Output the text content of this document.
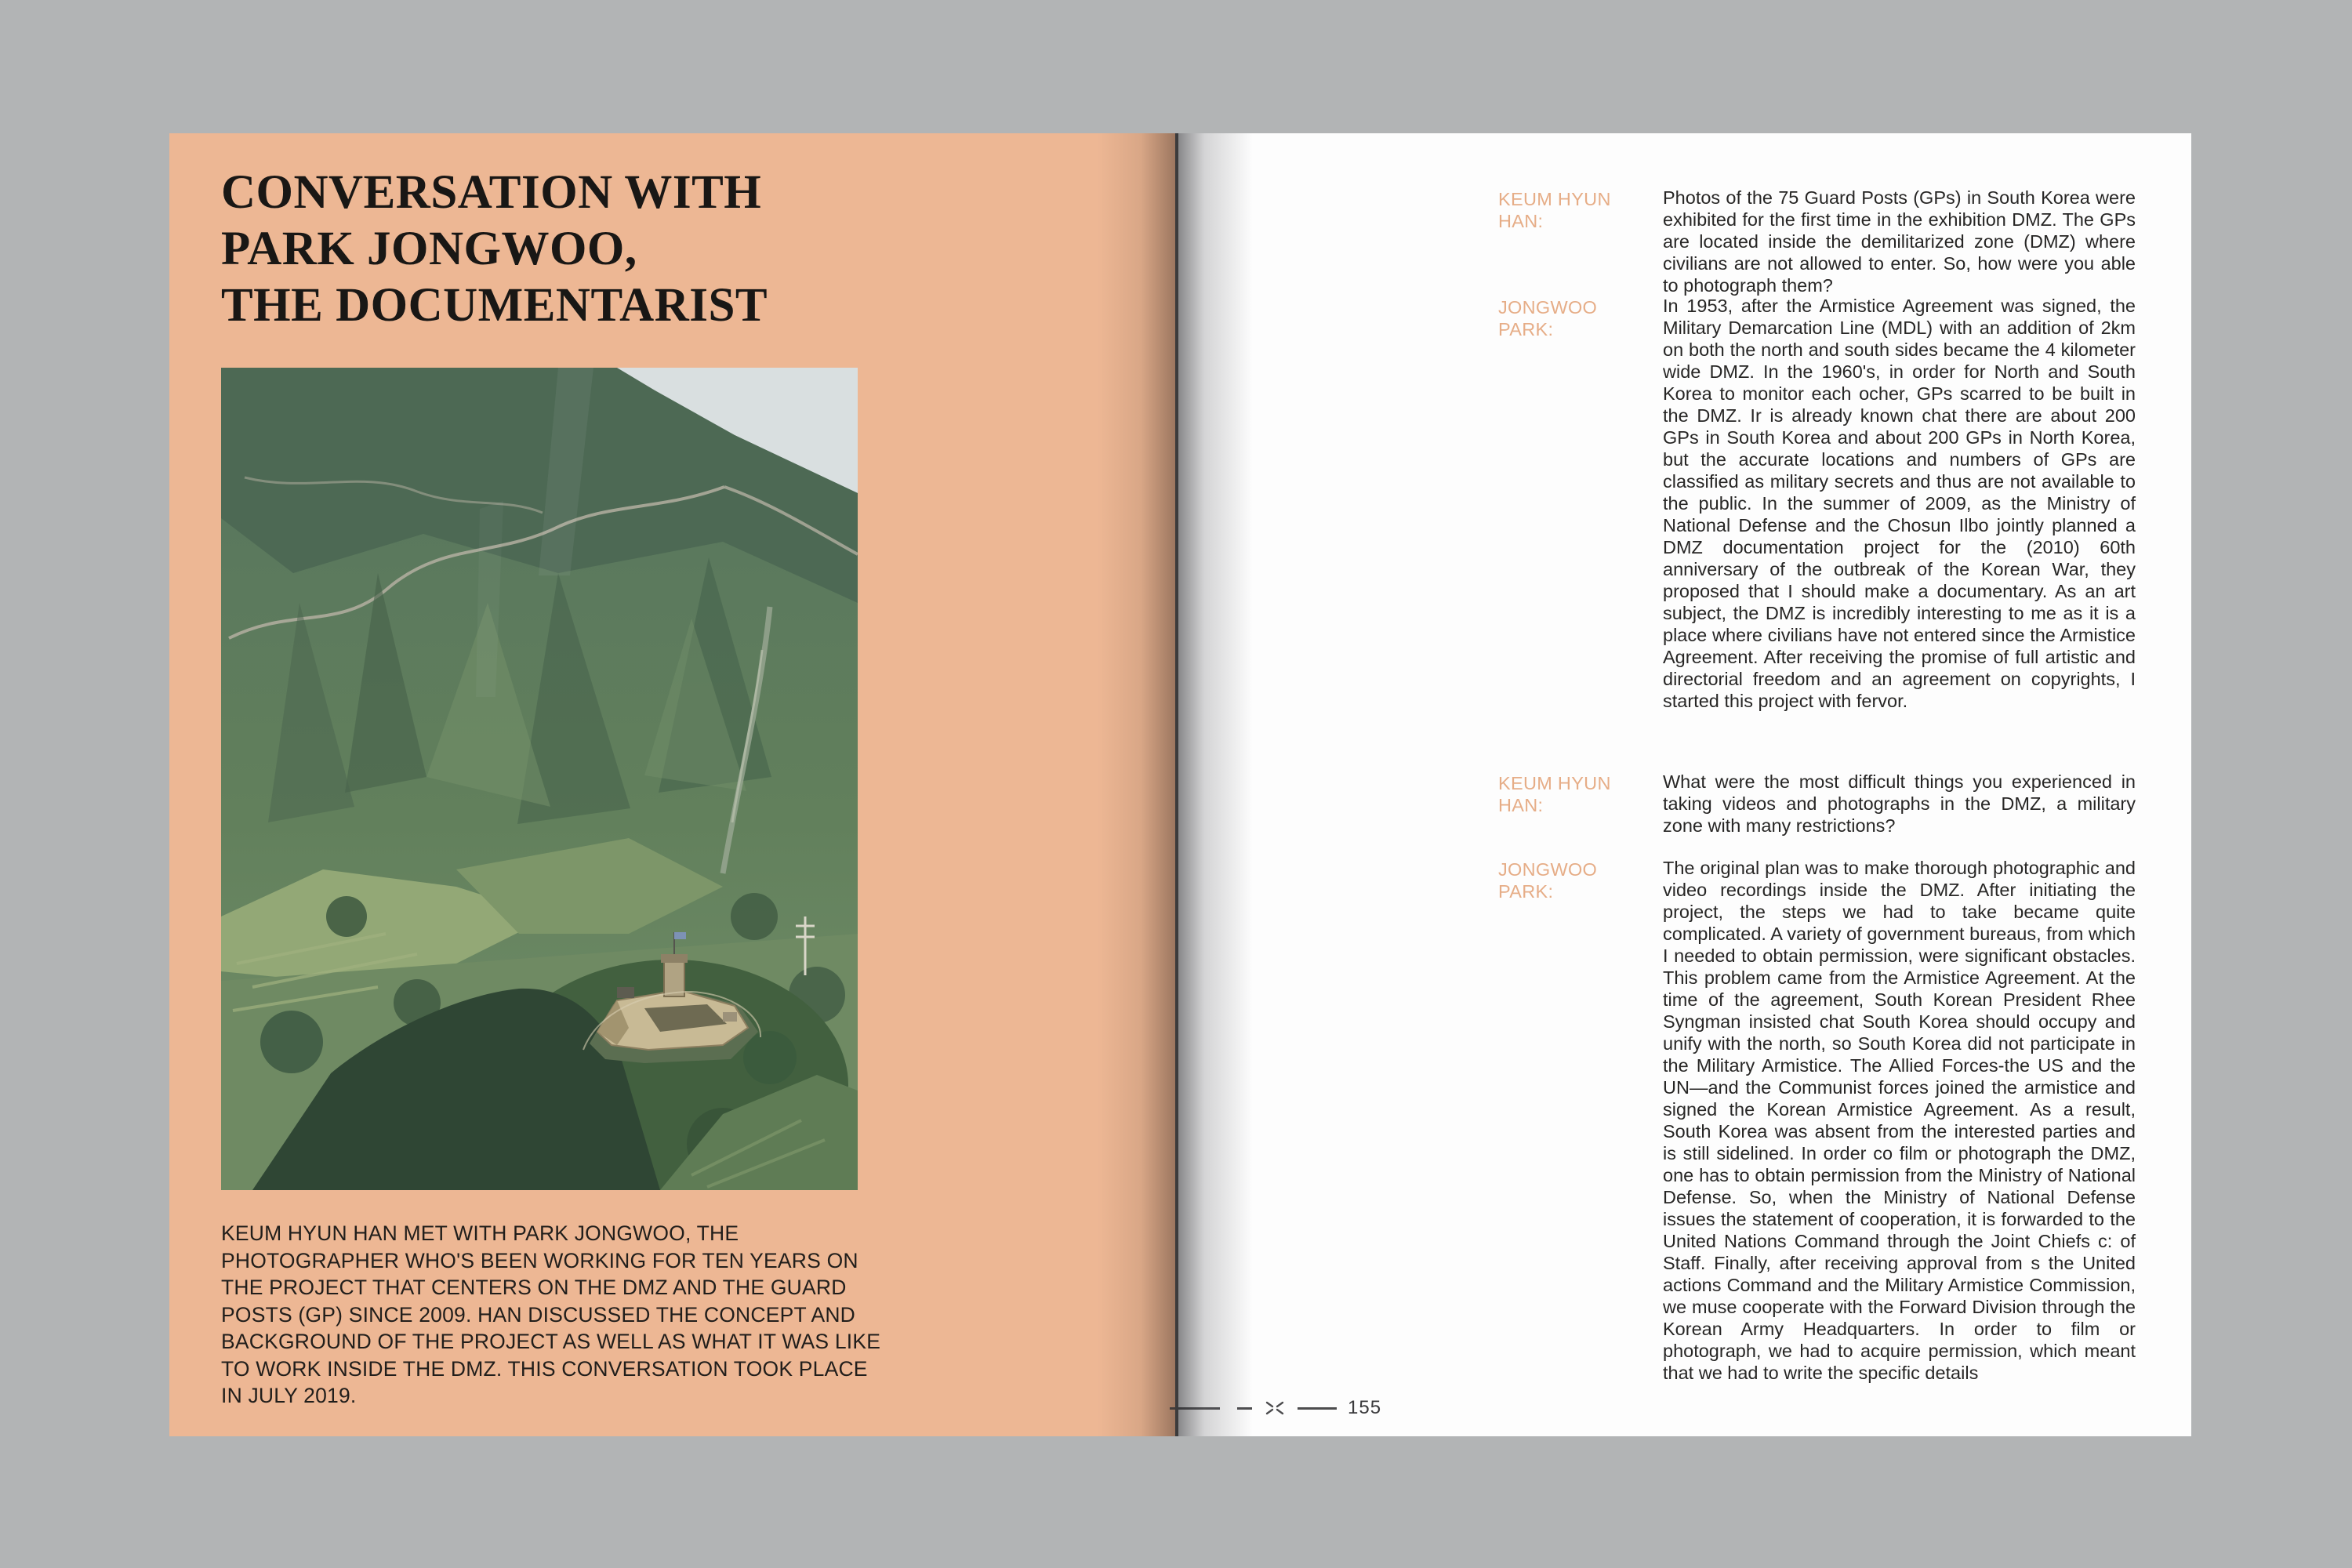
CONVERSATION WITH
PARK JONGWOO,
THE DOCUMENTARIST

KEUM HYUN HAN MET WITH PARK JONGWOO, THE PHOTOGRAPHER WHO'S BEEN WORKING FOR TEN YEARS ON THE PROJECT THAT CENTERS ON THE DMZ AND THE GUARD POSTS (GP) SINCE 2009. HAN DISCUSSED THE CONCEPT AND BACKGROUND OF THE PROJECT AS WELL AS WHAT IT WAS LIKE TO WORK INSIDE THE DMZ. THIS CONVERSATION TOOK PLACE IN JULY 2019.

KEUM HYUN HAN:

Photos of the 75 Guard Posts (GPs) in South Korea were exhibited for the first time in the exhibition DMZ. The GPs are located inside the demilitarized zone (DMZ) where civilians are not allowed to enter. So, how were you able to photograph them?

JONGWOO PARK:

In 1953, after the Armistice Agreement was signed, the Military Demarcation Line (MDL) with an addition of 2km on both the north and south sides became the 4 kilometer wide DMZ. In the 1960's, in order for North and South Korea to monitor each ocher, GPs scarred to be built in the DMZ. Ir is already known chat there are about 200 GPs in South Korea and about 200 GPs in North Korea, but the accurate locations and numbers of GPs are classified as military secrets and thus are not available to the public. In the summer of 2009, as the Ministry of National Defense and the Chosun Ilbo jointly planned a DMZ documentation project for the (2010) 60th anniversary of the outbreak of the Korean War, they proposed that I should make a documentary. As an art subject, the DMZ is incredibly interesting to me as it is a place where civilians have not entered since the Armistice Agreement. After receiving the promise of full artistic and directorial freedom and an agreement on copyrights, I started this project with fervor.

KEUM HYUN HAN:

What were the most difficult things you experienced in taking videos and photographs in the DMZ, a military zone with many restrictions?

JONGWOO PARK:

The original plan was to make thorough photographic and video recordings inside the DMZ. After initiating the project, the steps we had to take became quite complicated. A variety of government bureaus, from which I needed to obtain permission, were significant obstacles. This problem came from the Armistice Agreement. At the time of the agreement, South Korean President Rhee Syngman insisted chat South Korea should occupy and unify with the north, so South Korea did not participate in the Military Armistice. The Allied Forces-the US and the UN—and the Communist forces joined the armistice and signed the Korean Armistice Agreement. As a result, South Korea was absent from the interested parties and is still sidelined. In order co film or photograph the DMZ, one has to obtain permission from the Ministry of National Defense. So, when the Ministry of National Defense issues the statement of cooperation, it is forwarded to the United Nations Command through the Joint Chiefs c: of Staff. Finally, after receiving approval from s the United actions Command and the Military Armistice Commission, we muse cooperate with the Forward Division through the Korean Army Headquarters. In order to film or photograph, we had to acquire permission, which meant that we had to write the specific details

155
